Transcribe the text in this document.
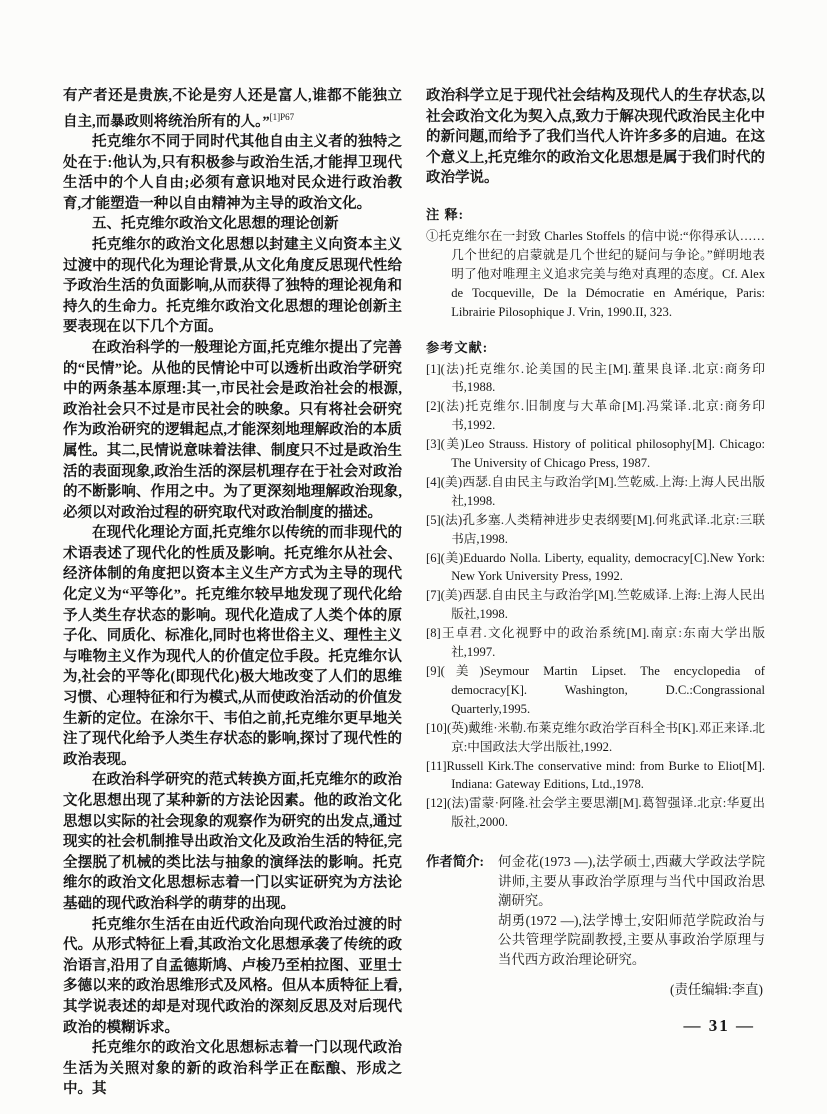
有产者还是贵族,不论是穷人还是富人,谁都不能独立自主,而暴政则将统治所有的人。”$^{[1]P67}$

托克维尔不同于同时代其他自由主义者的独特之处在于:他认为,只有积极参与政治生活,才能捍卫现代生活中的个人自由;必须有意识地对民众进行政治教育,才能塑造一种以自由精神为主导的政治文化。

五、托克维尔政治文化思想的理论创新

托克维尔的政治文化思想以封建主义向资本主义过渡中的现代化为理论背景,从文化角度反思现代性给予政治生活的负面影响,从而获得了独特的理论视角和持久的生命力。托克维尔政治文化思想的理论创新主要表现在以下几个方面。

在政治科学的一般理论方面,托克维尔提出了完善的“民情”论。从他的民情论中可以透析出政治学研究中的两条基本原理:其一,市民社会是政治社会的根源,政治社会只不过是市民社会的映象。只有将社会研究作为政治研究的逻辑起点,才能深刻地理解政治的本质属性。其二,民情说意味着法律、制度只不过是政治生活的表面现象,政治生活的深层机理存在于社会对政治的不断影响、作用之中。为了更深刻地理解政治现象,必须以对政治过程的研究取代对政治制度的描述。

在现代化理论方面,托克维尔以传统的而非现代的术语表述了现代化的性质及影响。托克维尔从社会、经济体制的角度把以资本主义生产方式为主导的现代化定义为“平等化”。托克维尔较早地发现了现代化给予人类生存状态的影响。现代化造成了人类个体的原子化、同质化、标准化,同时也将世俗主义、理性主义与唯物主义作为现代人的价值定位手段。托克维尔认为,社会的平等化(即现代化)极大地改变了人们的思维习惯、心理特征和行为模式,从而使政治活动的价值发生新的定位。在涂尔干、韦伯之前,托克维尔更早地关注了现代化给予人类生存状态的影响,探讨了现代性的政治表现。

在政治科学研究的范式转换方面,托克维尔的政治文化思想出现了某种新的方法论因素。他的政治文化思想以实际的社会现象的观察作为研究的出发点,通过现实的社会机制推导出政治文化及政治生活的特征,完全摆脱了机械的类比法与抽象的演绎法的影响。托克维尔的政治文化思想标志着一门以实证研究为方法论基础的现代政治科学的萌芽的出现。

托克维尔生活在由近代政治向现代政治过渡的时代。从形式特征上看,其政治文化思想承袭了传统的政治语言,沿用了自孟德斯鸠、卢梭乃至柏拉图、亚里士多德以来的政治思维形式及风格。但从本质特征上看,其学说表述的却是对现代政治的深刻反思及对后现代政治的模糊诉求。

托克维尔的政治文化思想标志着一门以现代政治生活为关照对象的新的政治科学正在酝酿、形成之中。其

政治科学立足于现代社会结构及现代人的生存状态,以社会政治文化为契入点,致力于解决现代政治民主化中的新问题,而给予了我们当代人许许多多的启迪。在这个意义上,托克维尔的政治文化思想是属于我们时代的政治学说。

注 释:

①托克维尔在一封致 Charles Stoffels 的信中说:“你得承认……几个世纪的启蒙就是几个世纪的疑问与争论。”鲜明地表明了他对唯理主义追求完美与绝对真理的态度。Cf. Alex de Tocqueville, De la Démocratie en Amérique, Paris: Librairie Pilosophique J. Vrin, 1990.II, 323.

参考文献:

[1](法)托克维尔.论美国的民主[M].董果良译.北京:商务印书,1988.

[2](法)托克维尔.旧制度与大革命[M].冯棠译.北京:商务印书,1992.

[3](美)Leo Strauss. History of political philosophy[M]. Chicago: The University of Chicago Press, 1987.

[4](美)西瑟.自由民主与政治学[M].竺乾威.上海:上海人民出版社,1998.

[5](法)孔多塞.人类精神进步史表纲要[M].何兆武译.北京:三联书店,1998.

[6](美)Eduardo Nolla. Liberty, equality, democracy[C].New York: New York University Press, 1992.

[7](美)西瑟.自由民主与政治学[M].竺乾威译.上海:上海人民出版社,1998.

[8]王卓君.文化视野中的政治系统[M].南京:东南大学出版社,1997.

[9](美)Seymour Martin Lipset. The encyclopedia of democracy[K]. Washington, D.C.:Congrassional Quarterly,1995.

[10](英)戴维·米勒.布莱克维尔政治学百科全书[K].邓正来译.北京:中国政法大学出版社,1992.

[11]Russell Kirk.The conservative mind: from Burke to Eliot[M]. Indiana: Gateway Editions, Ltd.,1978.

[12](法)雷蒙·阿隆.社会学主要思潮[M].葛智强译.北京:华夏出版社,2000.

作者简介: 何金花(1973 —),法学硕士,西藏大学政法学院讲师,主要从事政治学原理与当代中国政治思潮研究。

胡勇(1972 —),法学博士,安阳师范学院政治与公共管理学院副教授,主要从事政治学原理与当代西方政治理论研究。

(责任编辑:李直)

— 31 —
